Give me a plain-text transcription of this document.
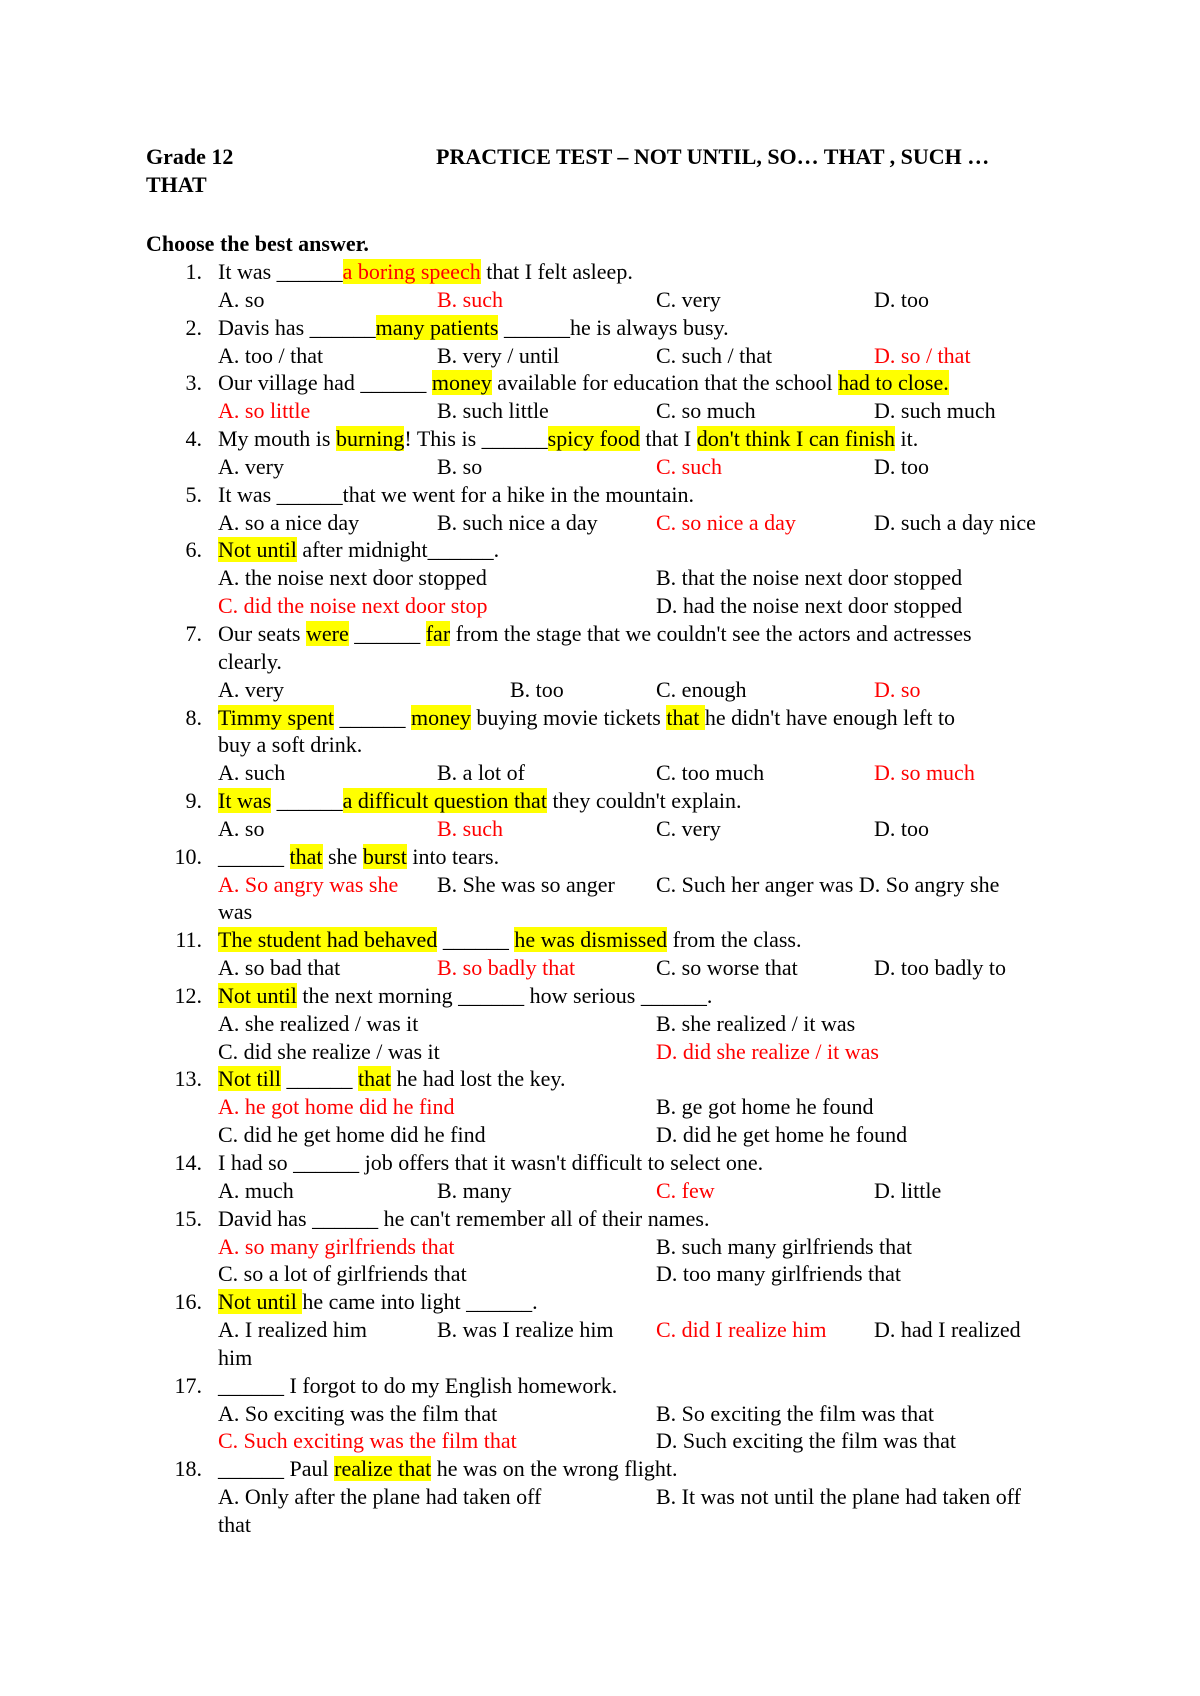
Grade 12	PRACTICE TEST – NOT UNTIL, SO… THAT , SUCH …
THAT
Choose the best answer.
1. It was ______a boring speech that I felt asleep.
A. so	B. such	C. very	D. too
2. Davis has ______many patients ______he is always busy.
A. too / that	B. very / until	C. such / that	D. so / that
3. Our village had ______ money available for education that the school had to close.
A. so little	B. such little	C. so much	D. such much
4. My mouth is burning! This is ______spicy food that I don't think I can finish it.
A. very	B. so	C. such	D. too
5. It was ______that we went for a hike in the mountain.
A. so a nice day	B. such nice a day	C. so nice a day	D. such a day nice
6. Not until after midnight______.
A. the noise next door stopped	B. that the noise next door stopped
C. did the noise next door stop	D. had the noise next door stopped
7. Our seats were ______ far from the stage that we couldn't see the actors and actresses
clearly.
A. very	B. too	C. enough	D. so
8. Timmy spent ______ money buying movie tickets that he didn't have enough left to
buy a soft drink.
A. such	B. a lot of	C. too much	D. so much
9. It was ______a difficult question that they couldn't explain.
A. so	B. such	C. very	D. too
10. ______ that she burst into tears.
A. So angry was she B. She was so anger C. Such her anger was D. So angry she
was
11. The student had behaved ______ he was dismissed from the class.
A. so bad that	B. so badly that	C. so worse that	D. too badly to
12. Not until the next morning ______ how serious ______.
A. she realized / was it	B. she realized / it was
C. did she realize / was it	D. did she realize / it was
13. Not till ______ that he had lost the key.
A. he got home did he find	B. ge got home he found
C. did he get home did he find	D. did he get home he found
14. I had so ______ job offers that it wasn't difficult to select one.
A. much	B. many	C. few	D. little
15. David has ______ he can't remember all of their names.
A. so many girlfriends that	B. such many girlfriends that
C. so a lot of girlfriends that	D. too many girlfriends that
16. Not until he came into light ______.
A. I realized him	B. was I realize him C. did I realize him D. had I realized
him
17. ______ I forgot to do my English homework.
A. So exciting was the film that	B. So exciting the film was that
C. Such exciting was the film that	D. Such exciting the film was that
18. ______ Paul realize that he was on the wrong flight.
A. Only after the plane had taken off	B. It was not until the plane had taken off
that
